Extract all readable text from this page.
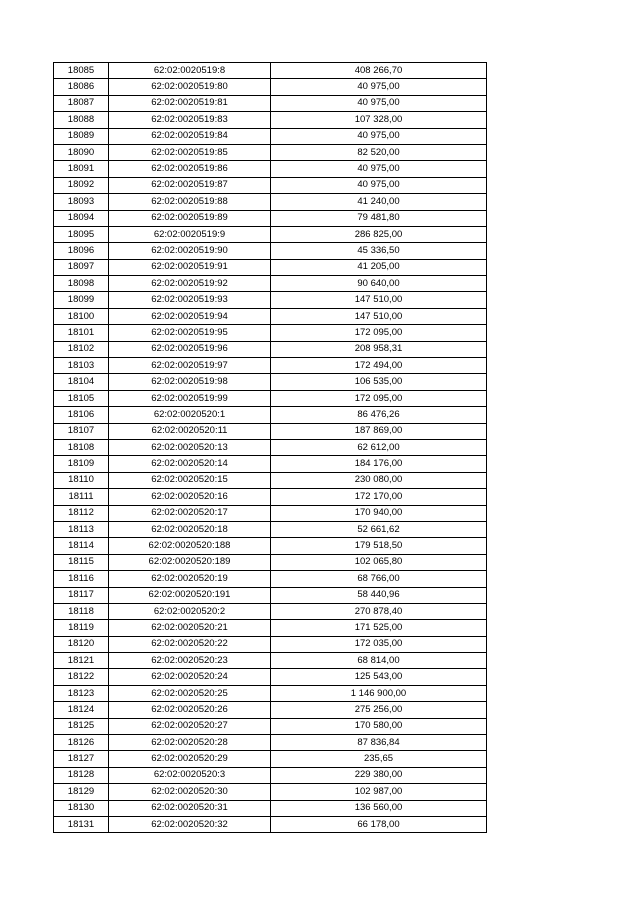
18085	62:02:0020519:8	408 266,70
18086	62:02:0020519:80	40 975,00
18087	62:02:0020519:81	40 975,00
18088	62:02:0020519:83	107 328,00
18089	62:02:0020519:84	40 975,00
18090	62:02:0020519:85	82 520,00
18091	62:02:0020519:86	40 975,00
18092	62:02:0020519:87	40 975,00
18093	62:02:0020519:88	41 240,00
18094	62:02:0020519:89	79 481,80
18095	62:02:0020519:9	286 825,00
18096	62:02:0020519:90	45 336,50
18097	62:02:0020519:91	41 205,00
18098	62:02:0020519:92	90 640,00
18099	62:02:0020519:93	147 510,00
18100	62:02:0020519:94	147 510,00
18101	62:02:0020519:95	172 095,00
18102	62:02:0020519:96	208 958,31
18103	62:02:0020519:97	172 494,00
18104	62:02:0020519:98	106 535,00
18105	62:02:0020519:99	172 095,00
18106	62:02:0020520:1	86 476,26
18107	62:02:0020520:11	187 869,00
18108	62:02:0020520:13	62 612,00
18109	62:02:0020520:14	184 176,00
18110	62:02:0020520:15	230 080,00
18111	62:02:0020520:16	172 170,00
18112	62:02:0020520:17	170 940,00
18113	62:02:0020520:18	52 661,62
18114	62:02:0020520:188	179 518,50
18115	62:02:0020520:189	102 065,80
18116	62:02:0020520:19	68 766,00
18117	62:02:0020520:191	58 440,96
18118	62:02:0020520:2	270 878,40
18119	62:02:0020520:21	171 525,00
18120	62:02:0020520:22	172 035,00
18121	62:02:0020520:23	68 814,00
18122	62:02:0020520:24	125 543,00
18123	62:02:0020520:25	1 146 900,00
18124	62:02:0020520:26	275 256,00
18125	62:02:0020520:27	170 580,00
18126	62:02:0020520:28	87 836,84
18127	62:02:0020520:29	235,65
18128	62:02:0020520:3	229 380,00
18129	62:02:0020520:30	102 987,00
18130	62:02:0020520:31	136 560,00
18131	62:02:0020520:32	66 178,00
